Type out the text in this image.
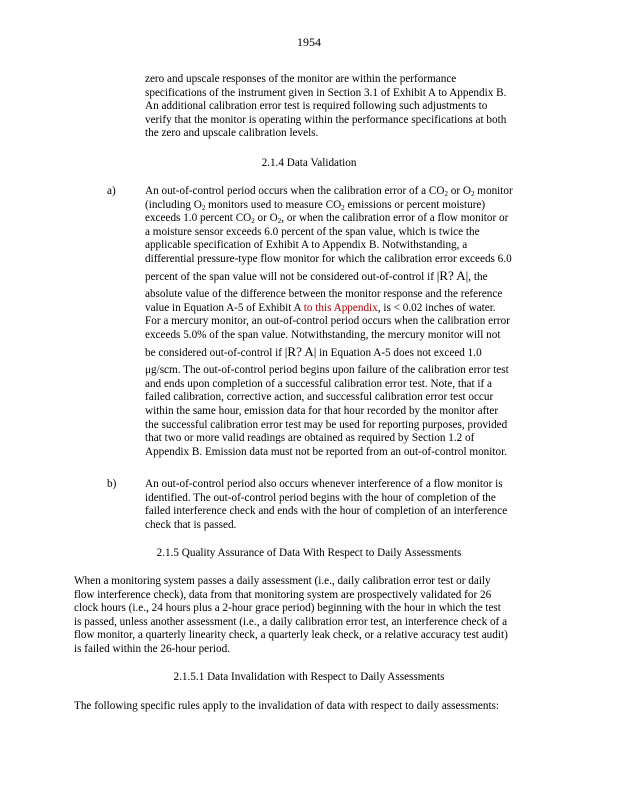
1954
zero and upscale responses of the monitor are within the performance
specifications of the instrument given in Section 3.1 of Exhibit A to Appendix B.
An additional calibration error test is required following such adjustments to
verify that the monitor is operating within the performance specifications at both
the zero and upscale calibration levels.
2.1.4 Data Validation
a)	An out-of-control period occurs when the calibration error of a $CO_2$ or $O_2$ monitor
(including $O_2$ monitors used to measure $CO_2$ emissions or percent moisture)
exceeds 1.0 percent $CO_2$ or $O_2$, or when the calibration error of a flow monitor or
a moisture sensor exceeds 6.0 percent of the span value, which is twice the
applicable specification of Exhibit A to Appendix B. Notwithstanding, a
differential pressure-type flow monitor for which the calibration error exceeds 6.0
percent of the span value will not be considered out-of-control if |R? A|, the
absolute value of the difference between the monitor response and the reference
value in Equation A-5 of Exhibit A to this Appendix, is < 0.02 inches of water.
For a mercury monitor, an out-of-control period occurs when the calibration error
exceeds 5.0% of the span value. Notwithstanding, the mercury monitor will not
be considered out-of-control if |R? A| in Equation A-5 does not exceed 1.0
μg/scm. The out-of-control period begins upon failure of the calibration error test
and ends upon completion of a successful calibration error test. Note, that if a
failed calibration, corrective action, and successful calibration error test occur
within the same hour, emission data for that hour recorded by the monitor after
the successful calibration error test may be used for reporting purposes, provided
that two or more valid readings are obtained as required by Section 1.2 of
Appendix B. Emission data must not be reported from an out-of-control monitor.
b)	An out-of-control period also occurs whenever interference of a flow monitor is
identified. The out-of-control period begins with the hour of completion of the
failed interference check and ends with the hour of completion of an interference
check that is passed.
2.1.5 Quality Assurance of Data With Respect to Daily Assessments
When a monitoring system passes a daily assessment (i.e., daily calibration error test or daily
flow interference check), data from that monitoring system are prospectively validated for 26
clock hours (i.e., 24 hours plus a 2-hour grace period) beginning with the hour in which the test
is passed, unless another assessment (i.e., a daily calibration error test, an interference check of a
flow monitor, a quarterly linearity check, a quarterly leak check, or a relative accuracy test audit)
is failed within the 26-hour period.
2.1.5.1 Data Invalidation with Respect to Daily Assessments
The following specific rules apply to the invalidation of data with respect to daily assessments:
